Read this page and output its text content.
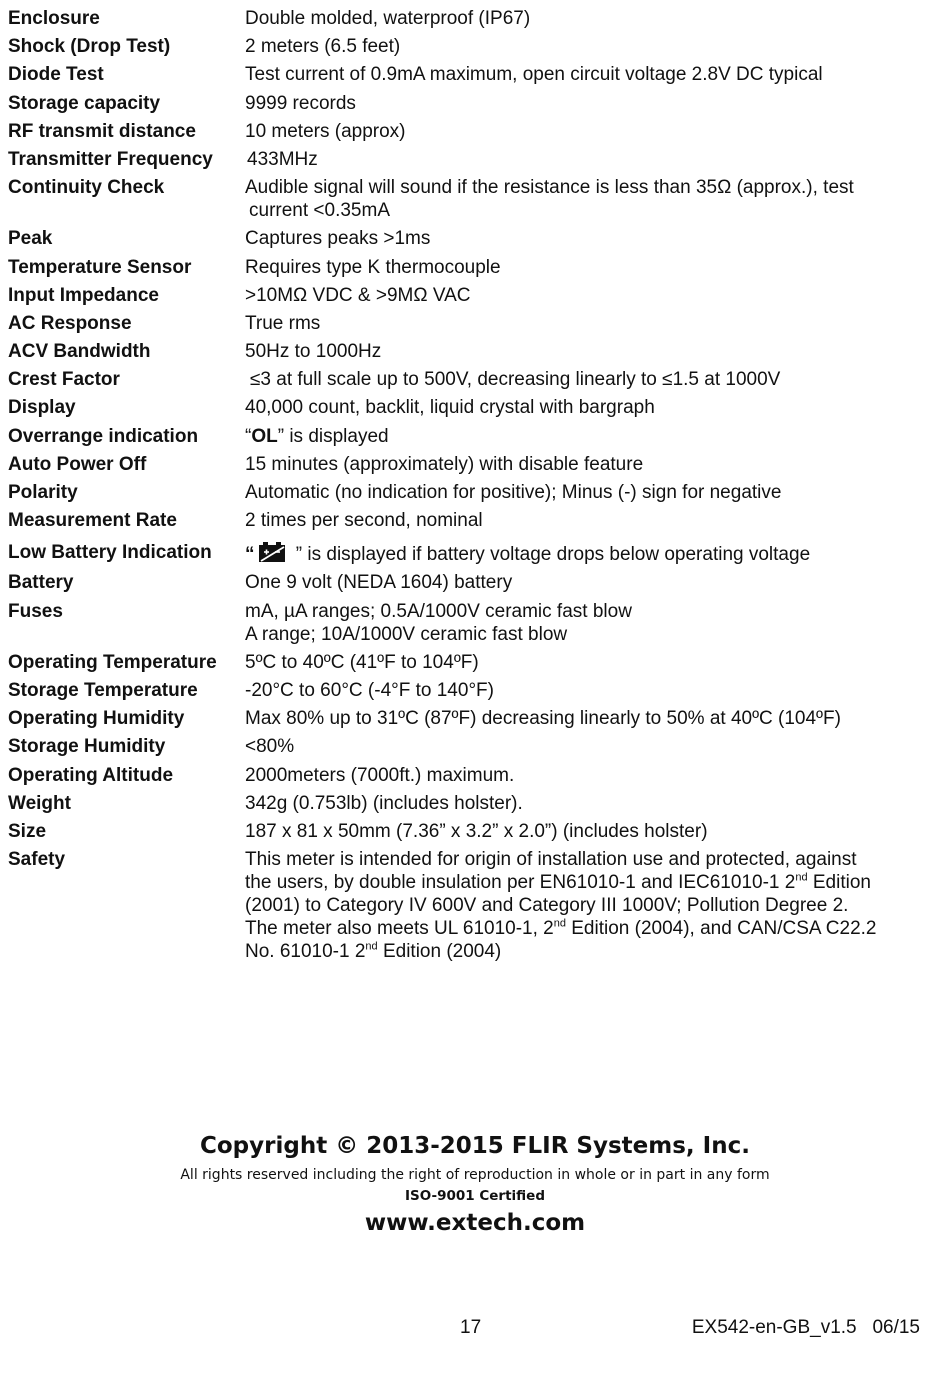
Enclosure	Double molded, waterproof (IP67)
Shock (Drop Test)	2 meters (6.5 feet)
Diode Test	Test current of 0.9mA maximum, open circuit voltage 2.8V DC typical
Storage capacity	9999 records
RF transmit distance	10 meters (approx)
Transmitter Frequency	433MHz
Continuity Check	Audible signal will sound if the resistance is less than 35Ω (approx.), test
current <0.35mA
Peak	Captures peaks >1ms
Temperature Sensor	Requires type K thermocouple
Input Impedance	>10MΩ VDC & >9MΩ VAC
AC Response	True rms
ACV Bandwidth	50Hz to 1000Hz
Crest Factor	≤3 at full scale up to 500V, decreasing linearly to ≤1.5 at 1000V
Display	40,000 count, backlit, liquid crystal with bargraph
Overrange indication	“OL” is displayed
Auto Power Off	15 minutes (approximately) with disable feature
Polarity	Automatic (no indication for positive); Minus (-) sign for negative
Measurement Rate	2 times per second, nominal
Low Battery Indication	“
” is displayed if battery voltage drops below operating voltage
Battery	One 9 volt (NEDA 1604) battery
Fuses	mA, µA ranges; 0.5A/1000V ceramic fast blow
A range; 10A/1000V ceramic fast blow
Operating Temperature	5ºC to 40ºC (41ºF to 104ºF)
Storage Temperature	-20°C to 60°C (-4°F to 140°F)
Operating Humidity	Max 80% up to 31ºC (87ºF) decreasing linearly to 50% at 40ºC (104ºF)
Storage Humidity	<80%
Operating Altitude	2000meters (7000ft.) maximum.
Weight	342g (0.753lb) (includes holster).
Size	187 x 81 x 50mm (7.36” x 3.2” x 2.0”) (includes holster)
Safety	This meter is intended for origin of installation use and protected, against
the users, by double insulation per EN61010-1 and IEC61010-1 2nd Edition
(2001) to Category IV 600V and Category III 1000V; Pollution Degree 2.
The meter also meets UL 61010-1, 2nd Edition (2004), and CAN/CSA C22.2
No. 61010-1 2nd Edition (2004)
Copyright © 2013-2015 FLIR Systems, Inc.
All rights reserved including the right of reproduction in whole or in part in any form
ISO-9001 Certified
www.extech.com
17	EX542-en-GB_v1.5   06/15
